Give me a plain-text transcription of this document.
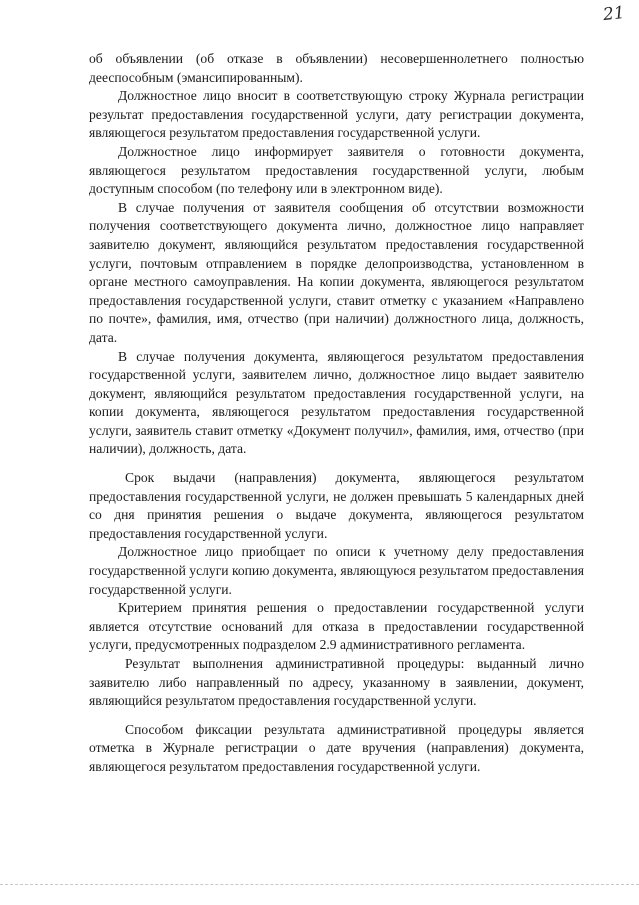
21

об объявлении (об отказе в объявлении) несовершеннолетнего полностью дееспособным (эмансипированным).

Должностное лицо вносит в соответствующую строку Журнала регистрации результат предоставления государственной услуги, дату регистрации документа, являющегося результатом предоставления государственной услуги.

Должностное лицо информирует заявителя о готовности документа, являющегося результатом предоставления государственной услуги, любым доступным способом (по телефону или в электронном виде).

В случае получения от заявителя сообщения об отсутствии возможности получения соответствующего документа лично, должностное лицо направляет заявителю документ, являющийся результатом предоставления государственной услуги, почтовым отправлением в порядке делопроизводства, установленном в органе местного самоуправления. На копии документа, являющегося результатом предоставления государственной услуги, ставит отметку с указанием «Направлено по почте», фамилия, имя, отчество (при наличии) должностного лица, должность, дата.

В случае получения документа, являющегося результатом предоставления государственной услуги, заявителем лично, должностное лицо выдает заявителю документ, являющийся результатом предоставления государственной услуги, на копии документа, являющегося результатом предоставления государственной услуги, заявитель ставит отметку «Документ получил», фамилия, имя, отчество (при наличии), должность, дата.

Срок выдачи (направления) документа, являющегося результатом предоставления государственной услуги, не должен превышать 5 календарных дней со дня принятия решения о выдаче документа, являющегося результатом предоставления государственной услуги.

Должностное лицо приобщает по описи к учетному делу предоставления государственной услуги копию документа, являющуюся результатом предоставления государственной услуги.

Критерием принятия решения о предоставлении государственной услуги является отсутствие оснований для отказа в предоставлении государственной услуги, предусмотренных подразделом 2.9 административного регламента.

Результат выполнения административной процедуры: выданный лично заявителю либо направленный по адресу, указанному в заявлении, документ, являющийся результатом предоставления государственной услуги.

Способом фиксации результата административной процедуры является отметка в Журнале регистрации о дате вручения (направления) документа, являющегося результатом предоставления государственной услуги.
